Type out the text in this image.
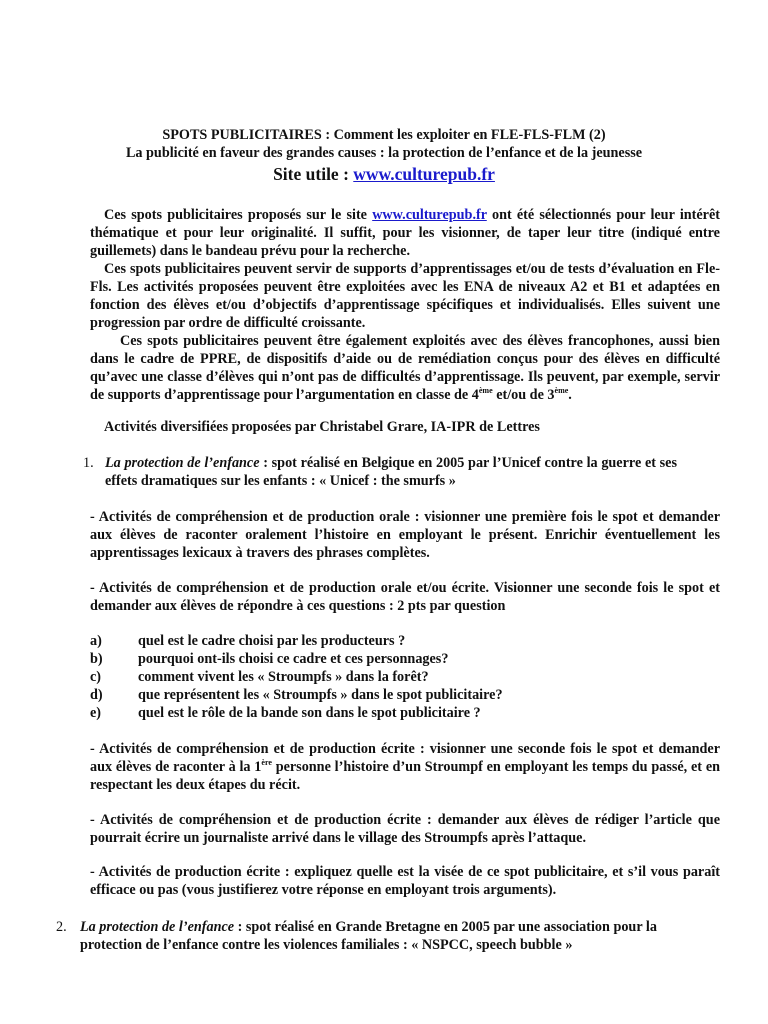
SPOTS PUBLICITAIRES : Comment les exploiter en FLE-FLS-FLM (2)
La publicité en faveur des grandes causes : la protection de l’enfance et de la jeunesse
Site utile : www.culturepub.fr

Ces spots publicitaires proposés sur le site www.culturepub.fr ont été sélectionnés pour leur intérêt thématique et pour leur originalité. Il suffit, pour les visionner, de taper leur titre (indiqué entre guillemets) dans le bandeau prévu pour la recherche.

Ces spots publicitaires peuvent servir de supports d’apprentissages et/ou de tests d’évaluation en Fle-Fls. Les activités proposées peuvent être exploitées avec les ENA de niveaux A2 et B1 et adaptées en fonction des élèves et/ou d’objectifs d’apprentissage spécifiques et individualisés. Elles suivent une progression par ordre de difficulté croissante.

Ces spots publicitaires peuvent être également exploités avec des élèves francophones, aussi bien dans le cadre de PPRE, de dispositifs d’aide ou de remédiation conçus pour des élèves en difficulté qu’avec une classe d’élèves qui n’ont pas de difficultés d’apprentissage. Ils peuvent, par exemple, servir de supports d’apprentissage pour l’argumentation en classe de 4ème et/ou de 3ème.

Activités diversifiées proposées par Christabel Grare, IA-IPR de Lettres
1. La protection de l’enfance : spot réalisé en Belgique en 2005 par l’Unicef contre la guerre et ses effets dramatiques sur les enfants : « Unicef : the smurfs »
- Activités de compréhension et de production orale : visionner une première fois le spot et demander aux élèves de raconter oralement l’histoire en employant le présent. Enrichir éventuellement les apprentissages lexicaux à travers des phrases complètes.
- Activités de compréhension et de production orale et/ou écrite. Visionner une seconde fois le spot et demander aux élèves de répondre à ces questions : 2 pts par question
a)	quel est le cadre choisi par les producteurs ?
b)	pourquoi ont-ils choisi ce cadre et ces personnages?
c)	comment vivent les « Stroumpfs » dans la forêt?
d)	que représentent les « Stroumpfs » dans le spot publicitaire?
e)	quel est le rôle de la bande son dans le spot publicitaire ?
- Activités de compréhension et de production écrite : visionner une seconde fois le spot et demander aux élèves de raconter à la 1ère personne l’histoire d’un Stroumpf en employant les temps du passé, et en respectant les deux étapes du récit.
- Activités de compréhension et de production écrite : demander aux élèves de rédiger l’article que pourrait écrire un journaliste arrivé dans le village des Stroumpfs après l’attaque.
- Activités de production écrite : expliquez quelle est la visée de ce spot publicitaire, et s’il vous paraît efficace ou pas (vous justifierez votre réponse en employant trois arguments).
2. La protection de l’enfance : spot réalisé en Grande Bretagne en 2005 par une association pour la protection de l’enfance contre les violences familiales : « NSPCC, speech bubble »
